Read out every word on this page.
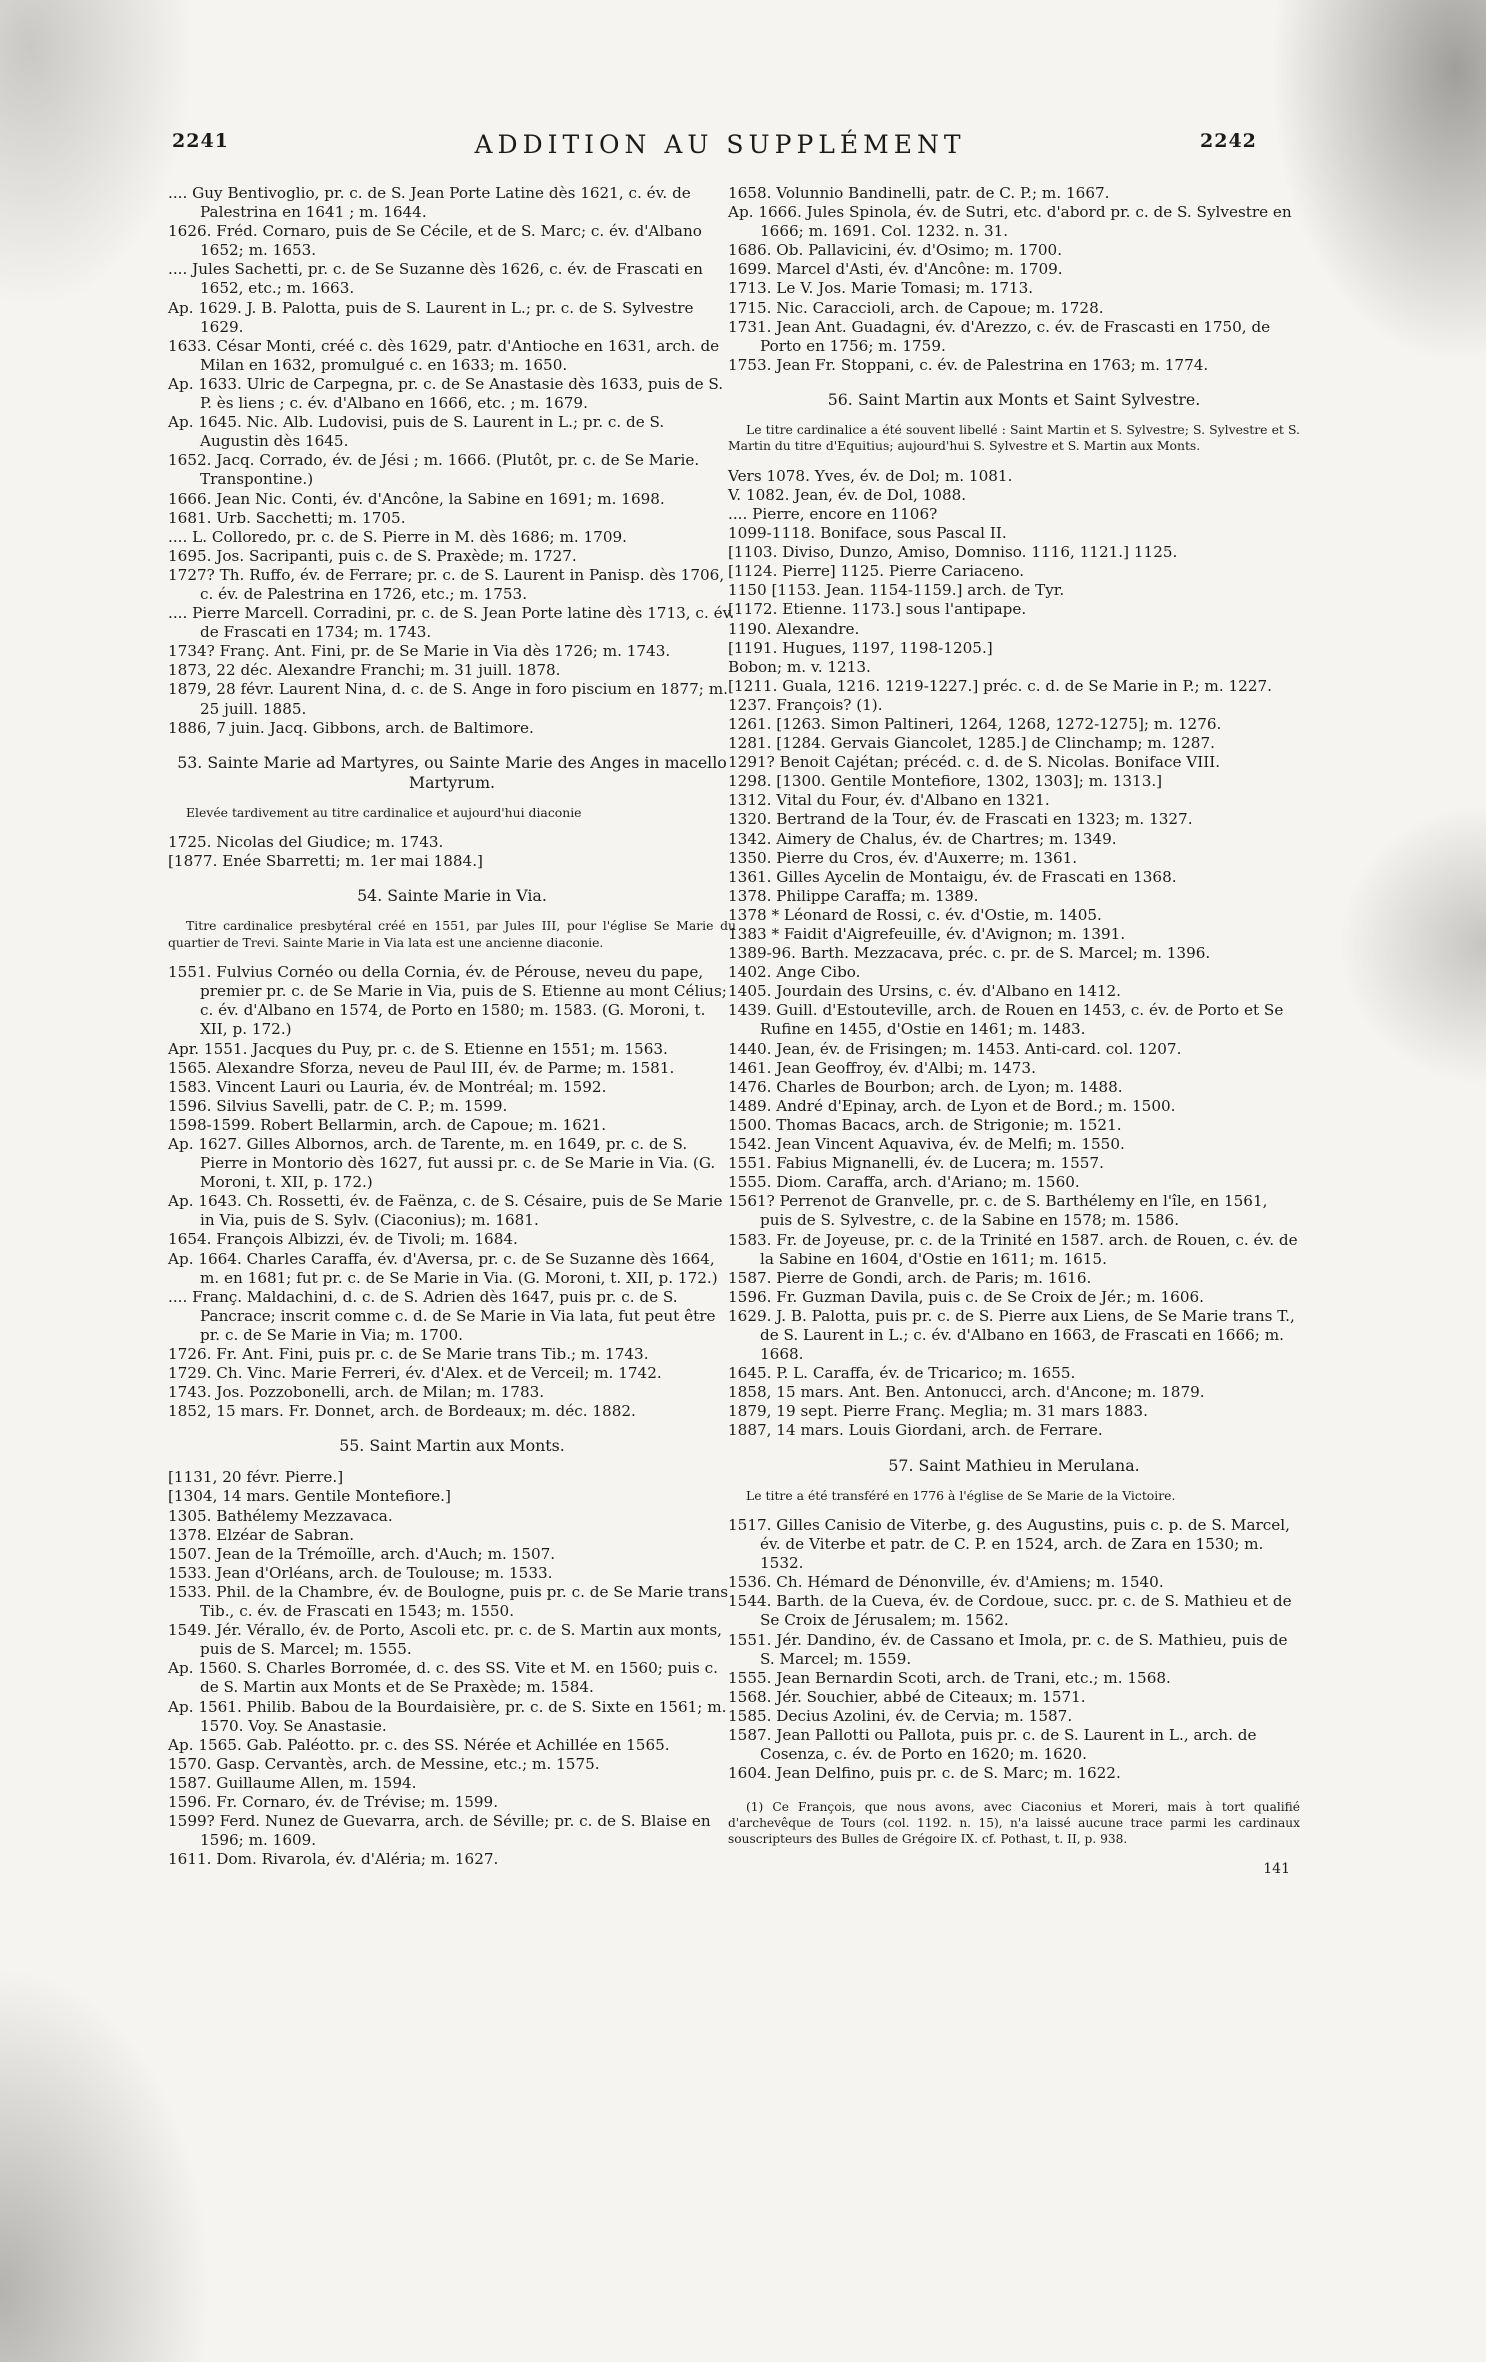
2241	ADDITION AU SUPPLÉMENT	2242
.... Guy Bentivoglio, pr. c. de S. Jean Porte Latine dès 1621, c. év. de Palestrina en 1641 ; m. 1644.
1626. Fréd. Cornaro, puis de Se Cécile, et de S. Marc; c. év. d'Albano 1652; m. 1653.
.... Jules Sachetti, pr. c. de Se Suzanne dès 1626, c. év. de Frascati en 1652, etc.; m. 1663.
Ap. 1629. J. B. Palotta, puis de S. Laurent in L.; pr. c. de S. Sylvestre 1629.
1633. César Monti, créé c. dès 1629, patr. d'Antioche en 1631, arch. de Milan en 1632, promulgué c. en 1633; m. 1650.
Ap. 1633. Ulric de Carpegna, pr. c. de Se Anastasie dès 1633, puis de S. P. ès liens ; c. év. d'Albano en 1666, etc. ; m. 1679.
Ap. 1645. Nic. Alb. Ludovisi, puis de S. Laurent in L.; pr. c. de S. Augustin dès 1645.
1652. Jacq. Corrado, év. de Jési ; m. 1666. (Plutôt, pr. c. de Se Marie. Transpontine.)
1666. Jean Nic. Conti, év. d'Ancône, la Sabine en 1691; m. 1698.
1681. Urb. Sacchetti; m. 1705.
.... L. Colloredo, pr. c. de S. Pierre in M. dès 1686; m. 1709.
1695. Jos. Sacripanti, puis c. de S. Praxède; m. 1727.
1727? Th. Ruffo, év. de Ferrare; pr. c. de S. Laurent in Panisp. dès 1706, c. év. de Palestrina en 1726, etc.; m. 1753.
.... Pierre Marcell. Corradini, pr. c. de S. Jean Porte latine dès 1713, c. év. de Frascati en 1734; m. 1743.
1734? Franç. Ant. Fini, pr. de Se Marie in Via dès 1726; m. 1743.
1873, 22 déc. Alexandre Franchi; m. 31 juill. 1878.
1879, 28 févr. Laurent Nina, d. c. de S. Ange in foro piscium en 1877; m. 25 juill. 1885.
1886, 7 juin. Jacq. Gibbons, arch. de Baltimore.
53. Sainte Marie ad Martyres, ou Sainte Marie des Anges in macello Martyrum.
Elevée tardivement au titre cardinalice et aujourd'hui diaconie
1725. Nicolas del Giudice; m. 1743.
[1877. Enée Sbarretti; m. 1er mai 1884.]
54. Sainte Marie in Via.
Titre cardinalice presbytéral créé en 1551, par Jules III, pour l'église Se Marie du quartier de Trevi. Sainte Marie in Via lata est une ancienne diaconie.
1551. Fulvius Cornéo ou della Cornia, év. de Pérouse, neveu du pape, premier pr. c. de Se Marie in Via, puis de S. Etienne au mont Célius; c. év. d'Albano en 1574, de Porto en 1580; m. 1583. (G. Moroni, t. XII, p. 172.)
Apr. 1551. Jacques du Puy, pr. c. de S. Etienne en 1551; m. 1563.
1565. Alexandre Sforza, neveu de Paul III, év. de Parme; m. 1581.
1583. Vincent Lauri ou Lauria, év. de Montréal; m. 1592.
1596. Silvius Savelli, patr. de C. P.; m. 1599.
1598-1599. Robert Bellarmin, arch. de Capoue; m. 1621.
Ap. 1627. Gilles Albornos, arch. de Tarente, m. en 1649, pr. c. de S. Pierre in Montorio dès 1627, fut aussi pr. c. de Se Marie in Via. (G. Moroni, t. XII, p. 172.)
Ap. 1643. Ch. Rossetti, év. de Faënza, c. de S. Césaire, puis de Se Marie in Via, puis de S. Sylv. (Ciaconius); m. 1681.
1654. François Albizzi, év. de Tivoli; m. 1684.
Ap. 1664. Charles Caraffa, év. d'Aversa, pr. c. de Se Suzanne dès 1664, m. en 1681; fut pr. c. de Se Marie in Via. (G. Moroni, t. XII, p. 172.)
.... Franç. Maldachini, d. c. de S. Adrien dès 1647, puis pr. c. de S. Pancrace; inscrit comme c. d. de Se Marie in Via lata, fut peut être pr. c. de Se Marie in Via; m. 1700.
1726. Fr. Ant. Fini, puis pr. c. de Se Marie trans Tib.; m. 1743.
1729. Ch. Vinc. Marie Ferreri, év. d'Alex. et de Verceil; m. 1742.
1743. Jos. Pozzobonelli, arch. de Milan; m. 1783.
1852, 15 mars. Fr. Donnet, arch. de Bordeaux; m. déc. 1882.
55. Saint Martin aux Monts.
[1131, 20 févr. Pierre.]
[1304, 14 mars. Gentile Montefiore.]
1305. Bathélemy Mezzavaca.
1378. Elzéar de Sabran.
1507. Jean de la Trémoïlle, arch. d'Auch; m. 1507.
1533. Jean d'Orléans, arch. de Toulouse; m. 1533.
1533. Phil. de la Chambre, év. de Boulogne, puis pr. c. de Se Marie trans Tib., c. év. de Frascati en 1543; m. 1550.
1549. Jér. Vérallo, év. de Porto, Ascoli etc. pr. c. de S. Martin aux monts, puis de S. Marcel; m. 1555.
Ap. 1560. S. Charles Borromée, d. c. des SS. Vite et M. en 1560; puis c. de S. Martin aux Monts et de Se Praxède; m. 1584.
Ap. 1561. Philib. Babou de la Bourdaisière, pr. c. de S. Sixte en 1561; m. 1570. Voy. Se Anastasie.
Ap. 1565. Gab. Paléotto. pr. c. des SS. Nérée et Achillée en 1565.
1570. Gasp. Cervantès, arch. de Messine, etc.; m. 1575.
1587. Guillaume Allen, m. 1594.
1596. Fr. Cornaro, év. de Trévise; m. 1599.
1599? Ferd. Nunez de Guevarra, arch. de Séville; pr. c. de S. Blaise en 1596; m. 1609.
1611. Dom. Rivarola, év. d'Aléria; m. 1627.
1658. Volunnio Bandinelli, patr. de C. P.; m. 1667.
Ap. 1666. Jules Spinola, év. de Sutri, etc. d'abord pr. c. de S. Sylvestre en 1666; m. 1691. Col. 1232. n. 31.
1686. Ob. Pallavicini, év. d'Osimo; m. 1700.
1699. Marcel d'Asti, év. d'Ancône: m. 1709.
1713. Le V. Jos. Marie Tomasi; m. 1713.
1715. Nic. Caraccioli, arch. de Capoue; m. 1728.
1731. Jean Ant. Guadagni, év. d'Arezzo, c. év. de Frascasti en 1750, de Porto en 1756; m. 1759.
1753. Jean Fr. Stoppani, c. év. de Palestrina en 1763; m. 1774.
56. Saint Martin aux Monts et Saint Sylvestre.
Le titre cardinalice a été souvent libellé : Saint Martin et S. Sylvestre; S. Sylvestre et S. Martin du titre d'Equitius; aujourd'hui S. Sylvestre et S. Martin aux Monts.
Vers 1078. Yves, év. de Dol; m. 1081.
V. 1082. Jean, év. de Dol, 1088.
.... Pierre, encore en 1106?
1099-1118. Boniface, sous Pascal II.
[1103. Diviso, Dunzo, Amiso, Domniso. 1116, 1121.] 1125.
[1124. Pierre] 1125. Pierre Cariaceno.
1150 [1153. Jean. 1154-1159.] arch. de Tyr.
[1172. Etienne. 1173.] sous l'antipape.
1190. Alexandre.
[1191. Hugues, 1197, 1198-1205.]
Bobon; m. v. 1213.
[1211. Guala, 1216. 1219-1227.] préc. c. d. de Se Marie in P.; m. 1227.
1237. François? (1).
1261. [1263. Simon Paltineri, 1264, 1268, 1272-1275]; m. 1276.
1281. [1284. Gervais Giancolet, 1285.] de Clinchamp; m. 1287.
1291? Benoit Cajétan; précéd. c. d. de S. Nicolas. Boniface VIII.
1298. [1300. Gentile Montefiore, 1302, 1303]; m. 1313.]
1312. Vital du Four, év. d'Albano en 1321.
1320. Bertrand de la Tour, év. de Frascati en 1323; m. 1327.
1342. Aimery de Chalus, év. de Chartres; m. 1349.
1350. Pierre du Cros, év. d'Auxerre; m. 1361.
1361. Gilles Aycelin de Montaigu, év. de Frascati en 1368.
1378. Philippe Caraffa; m. 1389.
1378 * Léonard de Rossi, c. év. d'Ostie, m. 1405.
1383 * Faidit d'Aigrefeuille, év. d'Avignon; m. 1391.
1389-96. Barth. Mezzacava, préc. c. pr. de S. Marcel; m. 1396.
1402. Ange Cibo.
1405. Jourdain des Ursins, c. év. d'Albano en 1412.
1439. Guill. d'Estouteville, arch. de Rouen en 1453, c. év. de Porto et Se Rufine en 1455, d'Ostie en 1461; m. 1483.
1440. Jean, év. de Frisingen; m. 1453. Anti-card. col. 1207.
1461. Jean Geoffroy, év. d'Albi; m. 1473.
1476. Charles de Bourbon; arch. de Lyon; m. 1488.
1489. André d'Epinay, arch. de Lyon et de Bord.; m. 1500.
1500. Thomas Bacacs, arch. de Strigonie; m. 1521.
1542. Jean Vincent Aquaviva, év. de Melfi; m. 1550.
1551. Fabius Mignanelli, év. de Lucera; m. 1557.
1555. Diom. Caraffa, arch. d'Ariano; m. 1560.
1561? Perrenot de Granvelle, pr. c. de S. Barthélemy en l'île, en 1561, puis de S. Sylvestre, c. de la Sabine en 1578; m. 1586.
1583. Fr. de Joyeuse, pr. c. de la Trinité en 1587. arch. de Rouen, c. év. de la Sabine en 1604, d'Ostie en 1611; m. 1615.
1587. Pierre de Gondi, arch. de Paris; m. 1616.
1596. Fr. Guzman Davila, puis c. de Se Croix de Jér.; m. 1606.
1629. J. B. Palotta, puis pr. c. de S. Pierre aux Liens, de Se Marie trans T., de S. Laurent in L.; c. év. d'Albano en 1663, de Frascati en 1666; m. 1668.
1645. P. L. Caraffa, év. de Tricarico; m. 1655.
1858, 15 mars. Ant. Ben. Antonucci, arch. d'Ancone; m. 1879.
1879, 19 sept. Pierre Franç. Meglia; m. 31 mars 1883.
1887, 14 mars. Louis Giordani, arch. de Ferrare.
57. Saint Mathieu in Merulana.
Le titre a été transféré en 1776 à l'église de Se Marie de la Victoire.
1517. Gilles Canisio de Viterbe, g. des Augustins, puis c. p. de S. Marcel, év. de Viterbe et patr. de C. P. en 1524, arch. de Zara en 1530; m. 1532.
1536. Ch. Hémard de Dénonville, év. d'Amiens; m. 1540.
1544. Barth. de la Cueva, év. de Cordoue, succ. pr. c. de S. Mathieu et de Se Croix de Jérusalem; m. 1562.
1551. Jér. Dandino, év. de Cassano et Imola, pr. c. de S. Mathieu, puis de S. Marcel; m. 1559.
1555. Jean Bernardin Scoti, arch. de Trani, etc.; m. 1568.
1568. Jér. Souchier, abbé de Citeaux; m. 1571.
1585. Decius Azolini, év. de Cervia; m. 1587.
1587. Jean Pallotti ou Pallota, puis pr. c. de S. Laurent in L., arch. de Cosenza, c. év. de Porto en 1620; m. 1620.
1604. Jean Delfino, puis pr. c. de S. Marc; m. 1622.
(1) Ce François, que nous avons, avec Ciaconius et Moreri, mais à tort qualifié d'archevêque de Tours (col. 1192. n. 15), n'a laissé aucune trace parmi les cardinaux souscripteurs des Bulles de Grégoire IX. cf. Pothast, t. II, p. 938.
141
